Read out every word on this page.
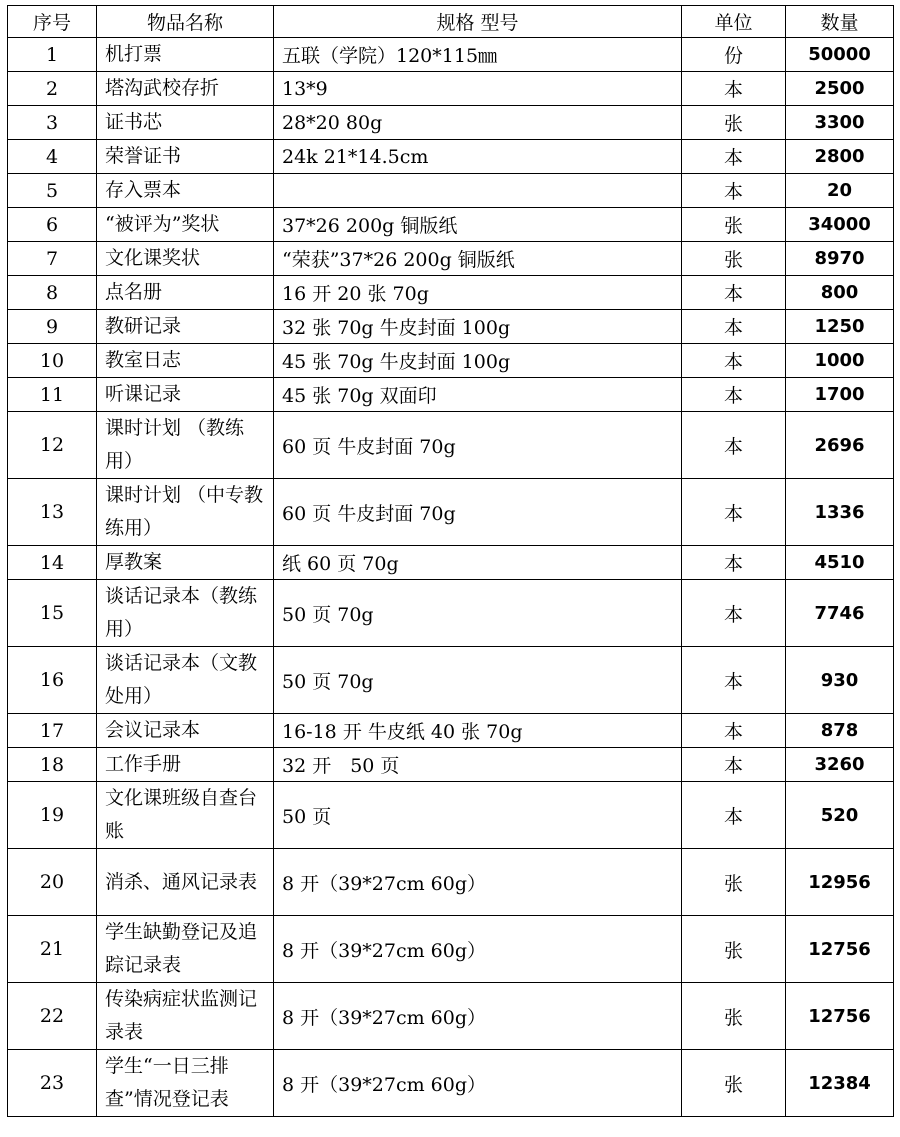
序号	物品名称	规格 型号	单位	数量
1	机打票	五联（学院）120*115㎜	份	50000
2	塔沟武校存折	13*9	本	2500
3	证书芯	28*20 80g	张	3300
4	荣誉证书	24k 21*14.5cm	本	2800
5	存入票本		本	20
6	“被评为”奖状	37*26 200g 铜版纸	张	34000
7	文化课奖状	“荣获”37*26 200g 铜版纸	张	8970
8	点名册	16 开 20 张 70g	本	800
9	教研记录	32 张 70g 牛皮封面 100g	本	1250
10	教室日志	45 张 70g 牛皮封面 100g	本	1000
11	听课记录	45 张 70g 双面印	本	1700
12	课时计划 （教练用）	60 页 牛皮封面 70g	本	2696
13	课时计划 （中专教练用）	60 页 牛皮封面 70g	本	1336
14	厚教案	纸 60 页 70g	本	4510
15	谈话记录本（教练用）	50 页 70g	本	7746
16	谈话记录本（文教处用）	50 页 70g	本	930
17	会议记录本	16-18 开 牛皮纸 40 张 70g	本	878
18	工作手册	32 开　50 页	本	3260
19	文化课班级自查台账	50 页	本	520
20	消杀、通风记录表	8 开（39*27cm 60g）	张	12956
21	学生缺勤登记及追踪记录表	8 开（39*27cm 60g）	张	12756
22	传染病症状监测记录表	8 开（39*27cm 60g）	张	12756
23	学生“一日三排查”情况登记表	8 开（39*27cm 60g）	张	12384
